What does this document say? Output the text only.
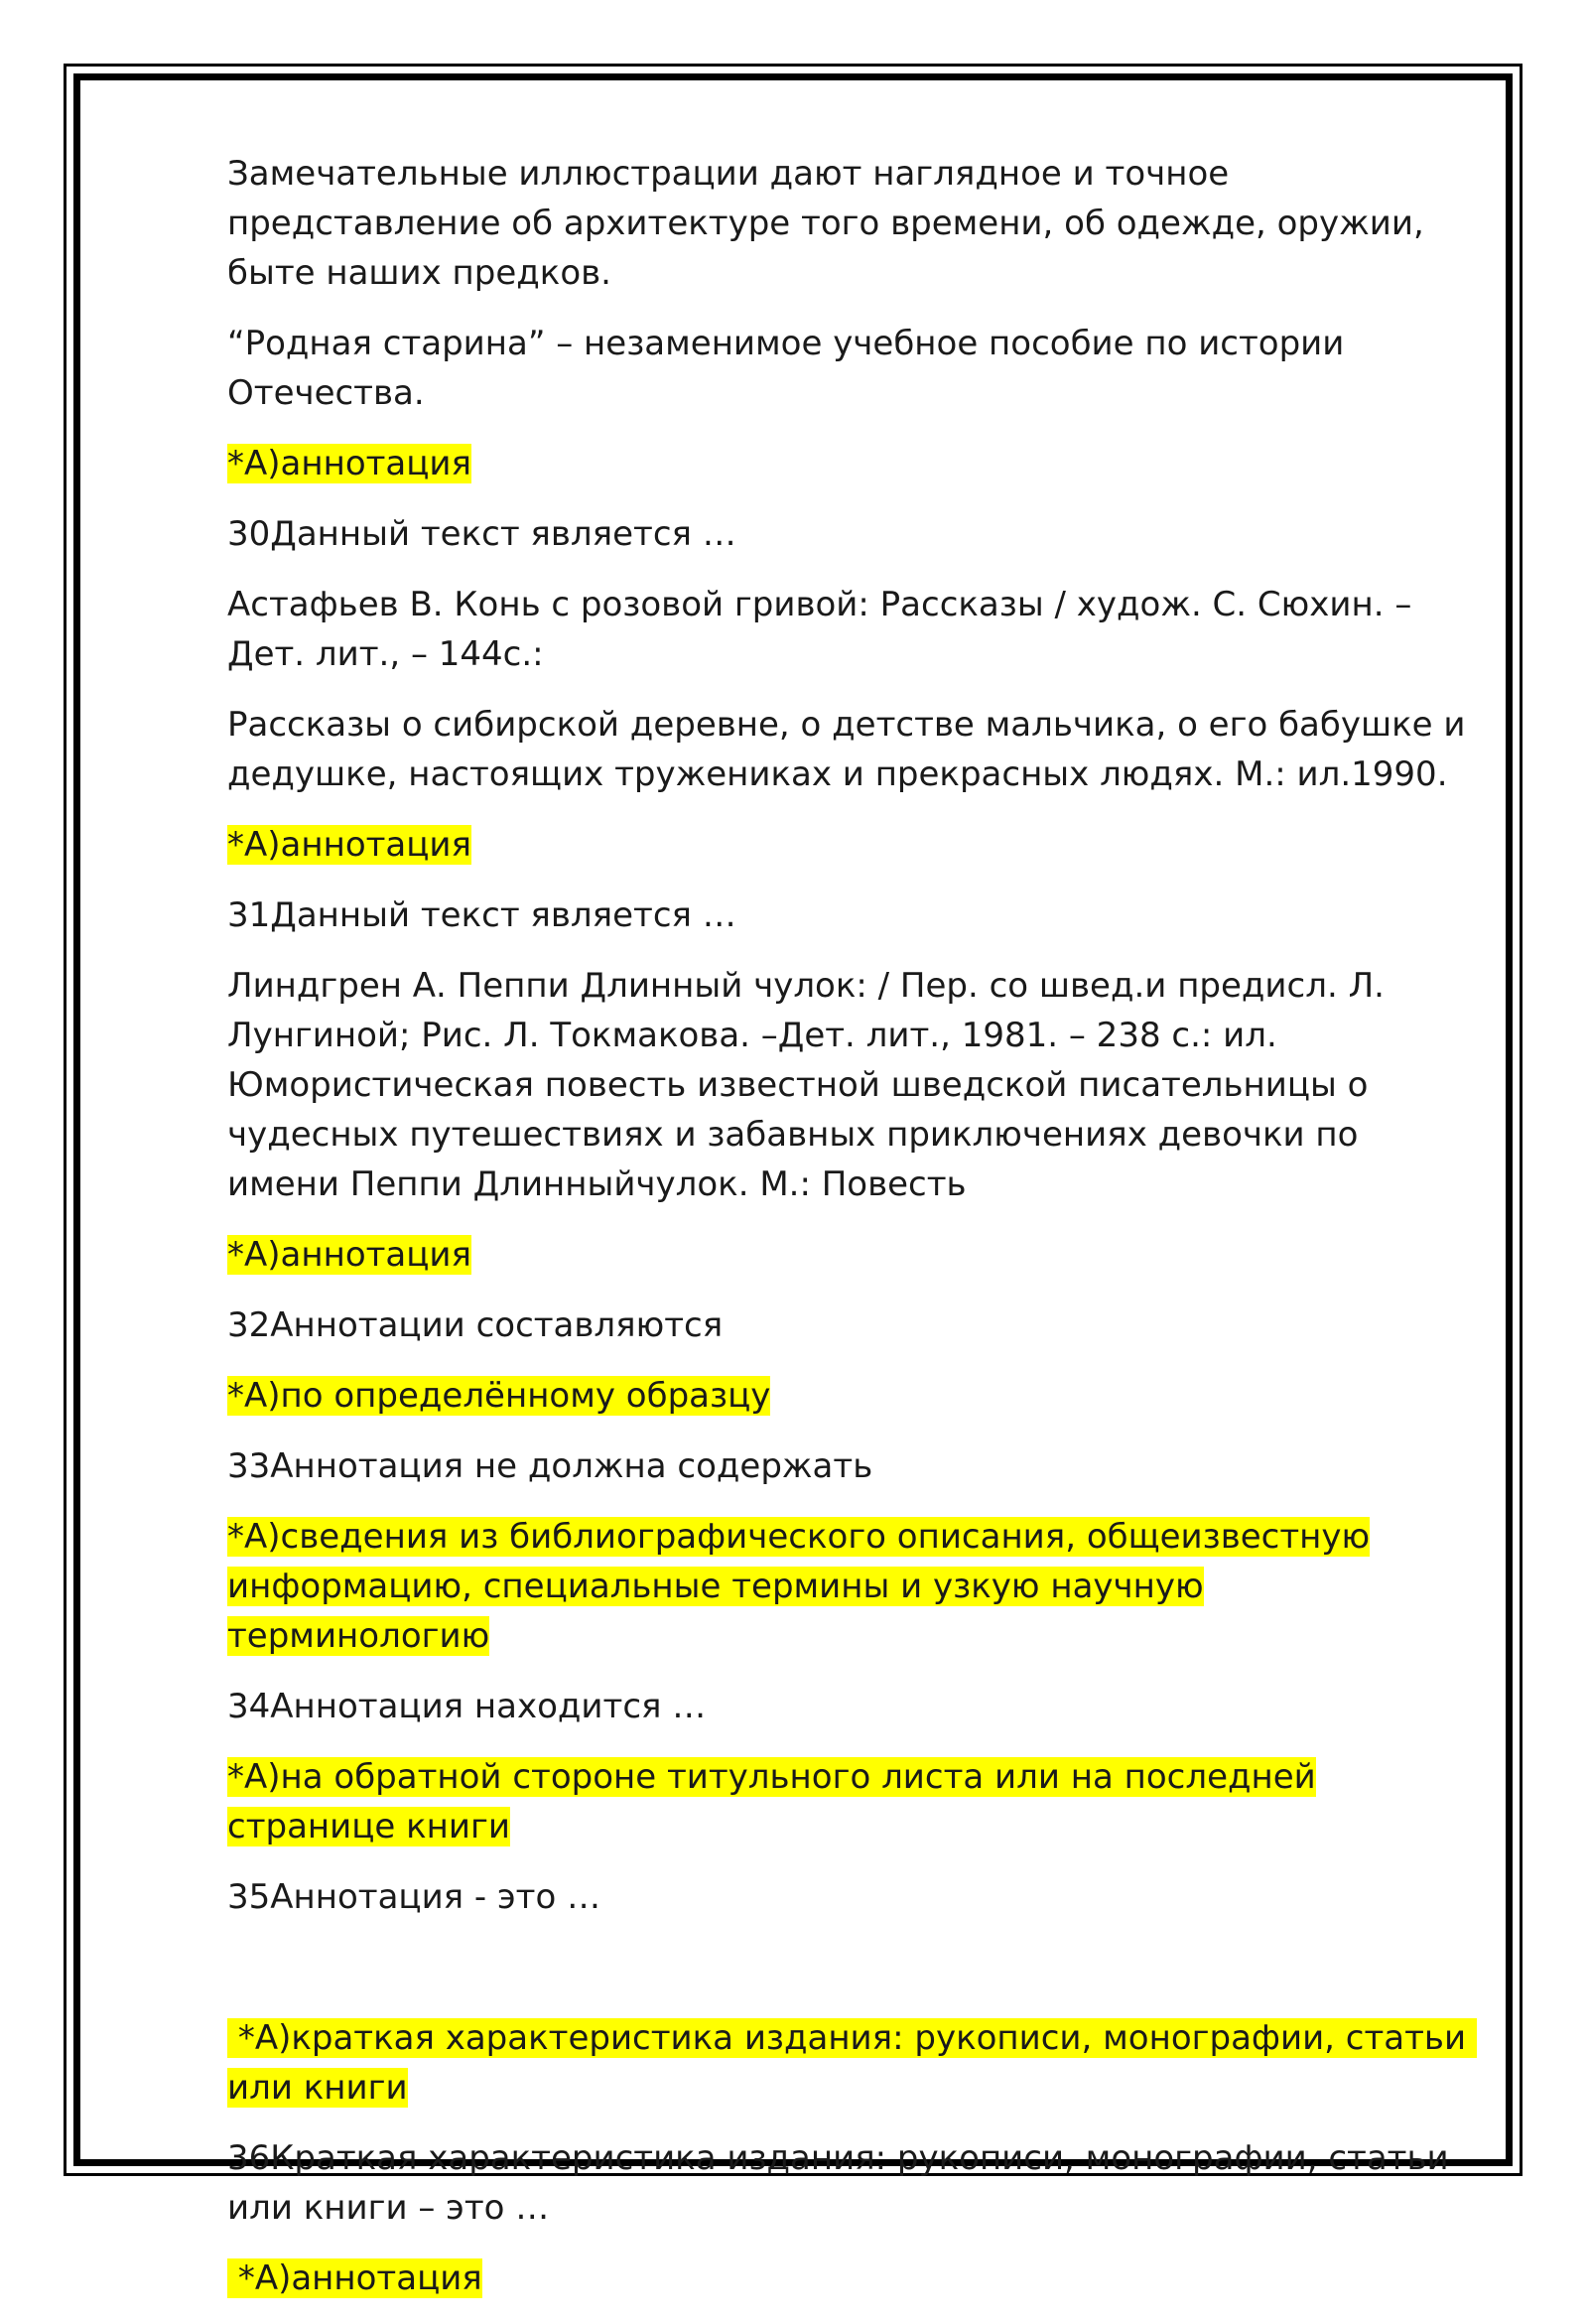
Замечательные иллюстрации дают наглядное и точное представление об архитектуре того времени, об одежде, оружии, быте наших предков.

“Родная старина” – незаменимое учебное пособие по истории Отечества.

*А)аннотация

30Данный текст является …

Астафьев В. Конь с розовой гривой: Рассказы / худож. С. Сюхин. – Дет. лит., – 144с.:

Рассказы о сибирской деревне, о детстве мальчика, о его бабушке и дедушке, настоящих тружениках и прекрасных людях. М.: ил.1990.

*А)аннотация

31Данный текст является …

Линдгрен А. Пеппи Длинный чулок: / Пер. со швед.и предисл. Л. Лунгиной; Рис. Л. Токмакова. –Дет. лит., 1981. – 238 с.: ил. Юмористическая повесть известной шведской писательницы о чудесных путешествиях и забавных приключениях девочки по имени Пеппи Длинныйчулок. М.: Повесть

*А)аннотация

32Аннотации составляются

*А)по определённому образцу

33Аннотация не должна содержать

*А)сведения из библиографического описания, общеизвестную информацию, специальные термины и узкую научную терминологию

34Аннотация находится …

*А)на обратной стороне титульного листа или на последней странице книги

35Аннотация - это …

*А)краткая характеристика издания: рукописи, монографии, статьи или книги

36Краткая характеристика издания: рукописи, монографии, статьи или книги – это …

*А)аннотация
